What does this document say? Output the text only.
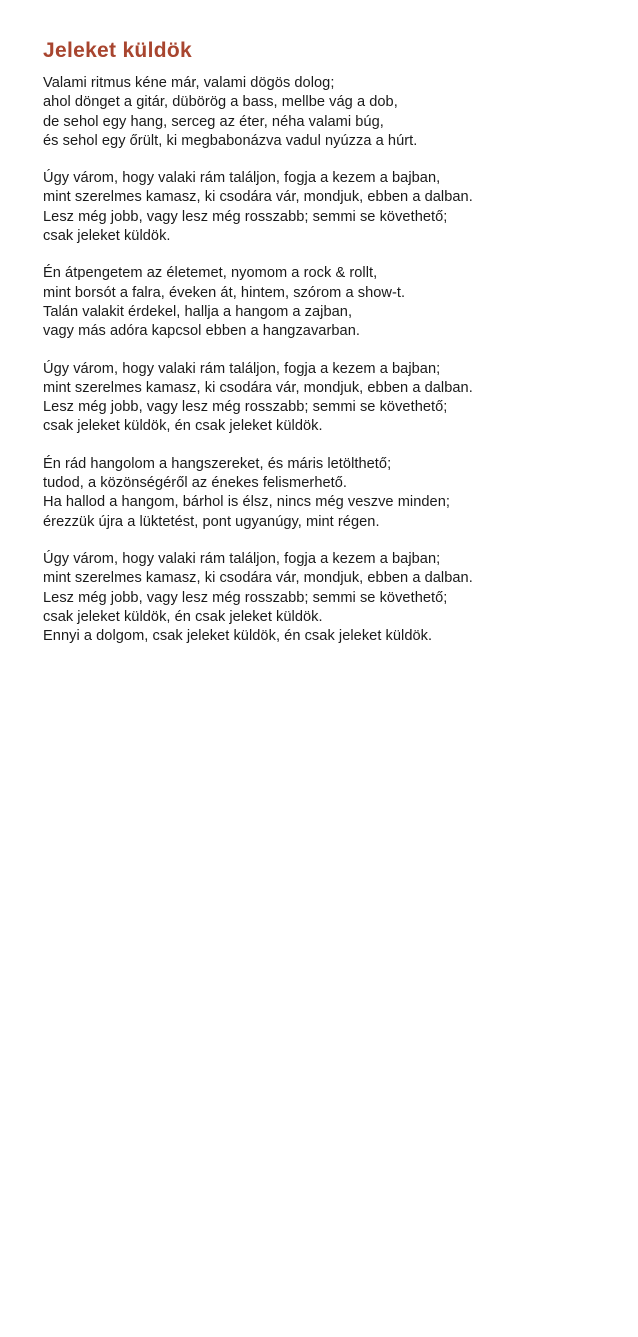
Jeleket küldök
Valami ritmus kéne már, valami dögös dolog;
ahol dönget a gitár, dübörög a bass, mellbe vág a dob,
de sehol egy hang, serceg az éter, néha valami búg,
és sehol egy őrült, ki megbabonázva vadul nyúzza a húrt.
Úgy várom, hogy valaki rám találjon, fogja a kezem a bajban,
mint szerelmes kamasz, ki csodára vár, mondjuk, ebben a dalban.
Lesz még jobb, vagy lesz még rosszabb; semmi se követhető;
csak jeleket küldök.
Én átpengetem az életemet, nyomom a rock & rollt,
mint borsót a falra, éveken át, hintem, szórom a show-t.
Talán valakit érdekel, hallja a hangom a zajban,
vagy más adóra kapcsol ebben a hangzavarban.
Úgy várom, hogy valaki rám találjon, fogja a kezem a bajban;
mint szerelmes kamasz, ki csodára vár, mondjuk, ebben a dalban.
Lesz még jobb, vagy lesz még rosszabb; semmi se követhető;
csak jeleket küldök, én csak jeleket küldök.
Én rád hangolom a hangszereket, és máris letölthető;
tudod, a közönségéről az énekes felismerhető.
Ha hallod a hangom, bárhol is élsz, nincs még veszve minden;
érezzük újra a lüktetést, pont ugyanúgy, mint régen.
Úgy várom, hogy valaki rám találjon, fogja a kezem a bajban;
mint szerelmes kamasz, ki csodára vár, mondjuk, ebben a dalban.
Lesz még jobb, vagy lesz még rosszabb; semmi se követhető;
csak jeleket küldök, én csak jeleket küldök.
Ennyi a dolgom, csak jeleket küldök, én csak jeleket küldök.
